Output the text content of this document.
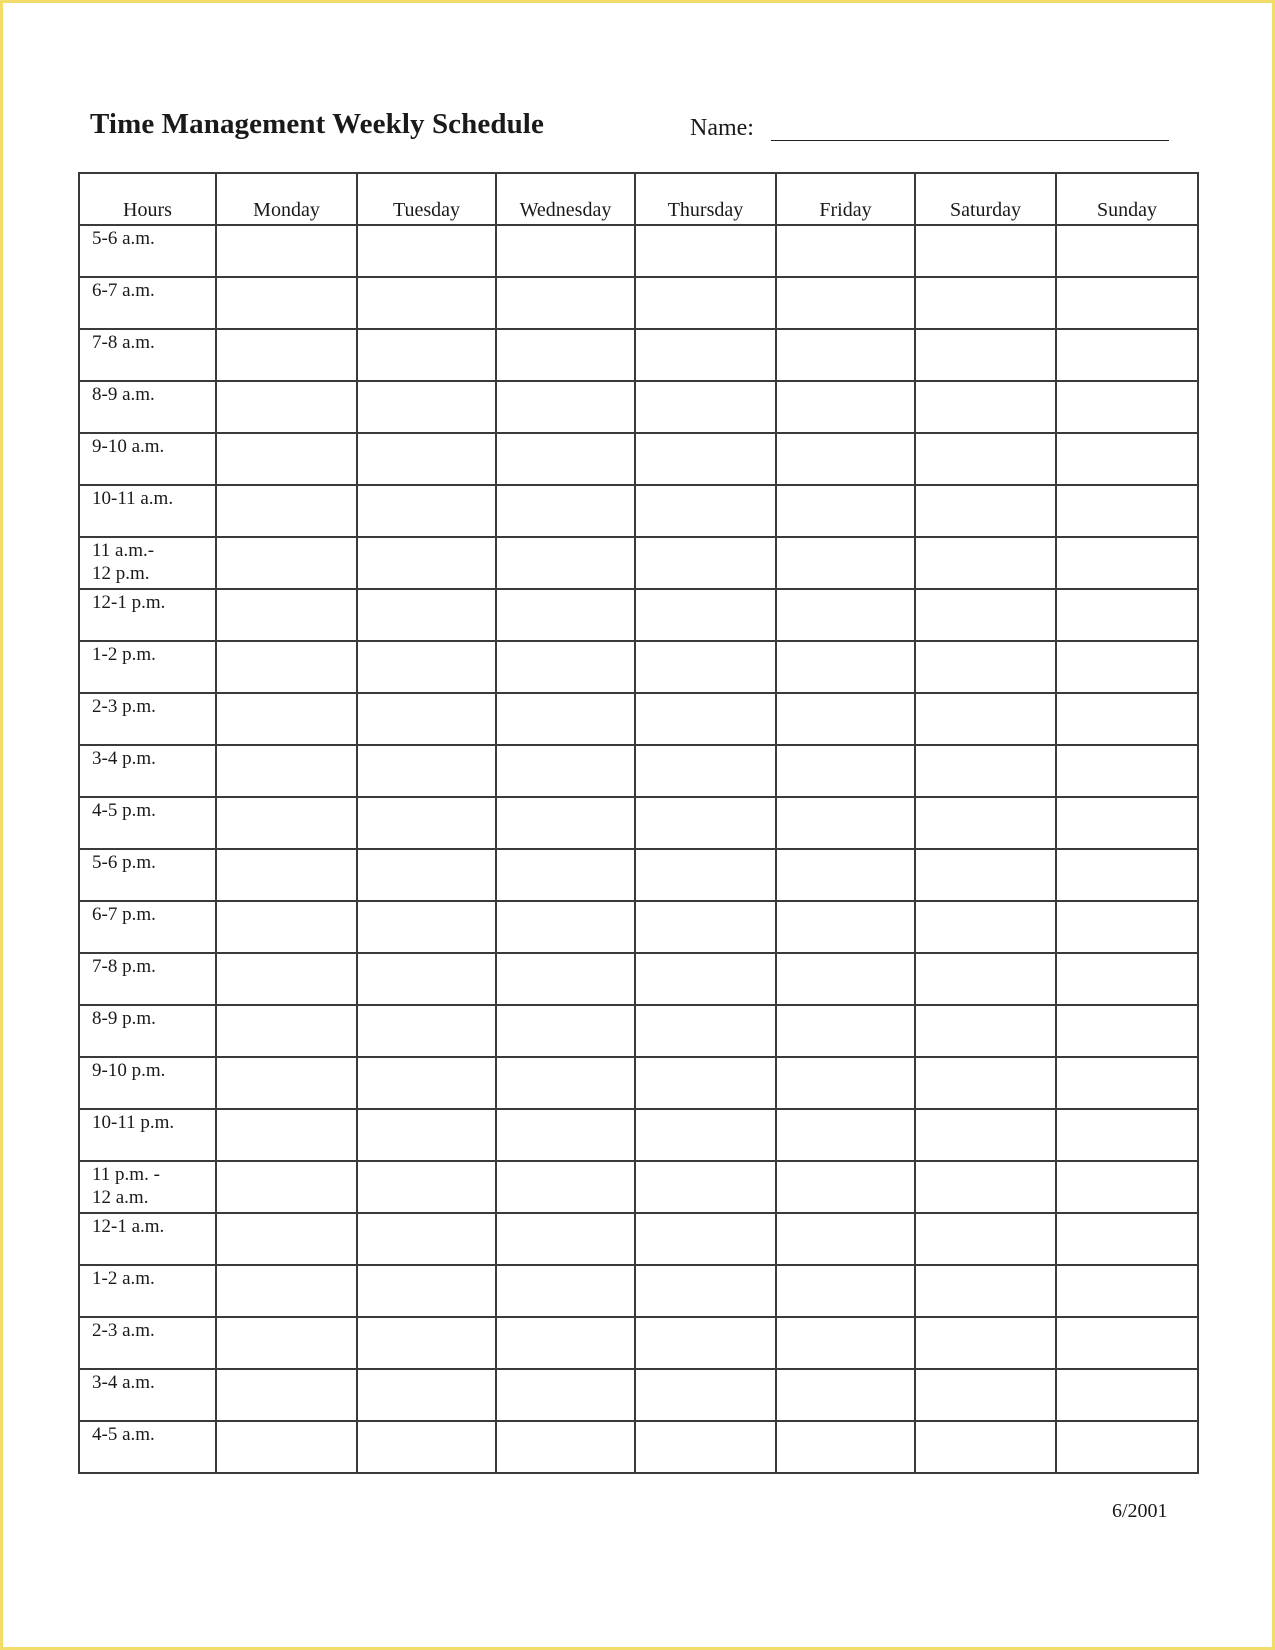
Time Management Weekly Schedule	Name:
Hours	Monday	Tuesday	Wednesday	Thursday	Friday	Saturday	Sunday

5-6 a.m.							

6-7 a.m.							

7-8 a.m.							

8-9 a.m.							

9-10 a.m.							

10-11 a.m.							

11 a.m.-
12 p.m.							

12-1 p.m.							

1-2 p.m.							

2-3 p.m.							

3-4 p.m.							

4-5 p.m.							

5-6 p.m.							

6-7 p.m.							

7-8 p.m.							

8-9 p.m.							

9-10 p.m.							

10-11 p.m.							

11 p.m. -
12 a.m.							

12-1 a.m.							

1-2 a.m.							

2-3 a.m.							

3-4 a.m.							

4-5 a.m.							

6/2001
